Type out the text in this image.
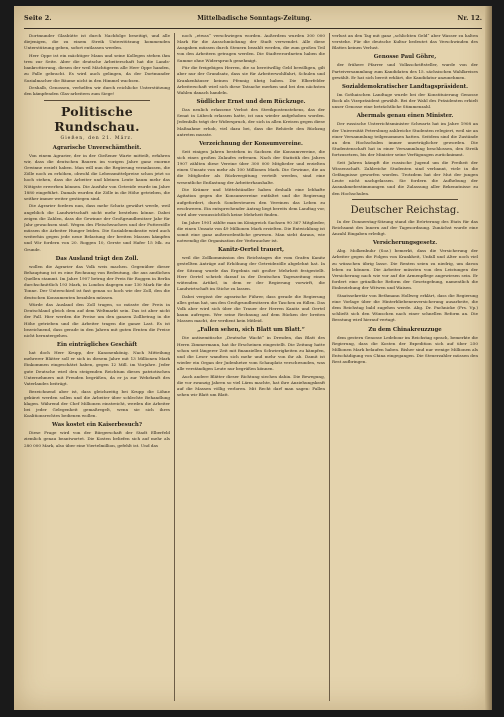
Seite 2.	Mittelbadische Sonntags-Zeitung.	Nr. 12.

Dortmunder Glashütte ist durch Nachfolge beseitigt, und alle diejenigen, die zu einem Streik Unterstützung kommenden Unterstützung geben, sofort entlassen werden.

Herr Oppe ist ein mächtiger Mann und seine Kollegen stehen ihm treu zur Seite. Aber die deutsche Arbeiterschaft hat die Lands-bankrottierung, diesen der weil Mächtigeren alle Herr Oppe handen, zu Falle gebracht. Es wird auch gelingen, da der Dortmunder Sozialmacher die Bäume nicht in den Himmel wachsen.

Deshalb, Genossen, verhelfen wir durch reichliche Unterstützung den kämpfenden Glas-arbeitern zum Siege!

Politische Rundschau.
Gießen, den 21. März.
Agrarische Unverschämtheit.

Von einem Agrarier, der in der Gießener Warte mitteilt, erfahren wir, dass die deutschen Bauern im vorigen Jahre ganz enorme Gewinne erzielt haben. Man will nun die Regierung veranlassen, die Zölle noch zu erhöhen, obwohl die Lebensmittelpreise schon jetzt so hoch stehen, dass die Arbeiter und kleinen Leute kaum mehr das Nötigste erwerben können. Die Ausfuhr von Getreide wurde im Jahre 1880 eingeführt. Damals wurden die Zölle in die Höhe getrieben, die seither immer weiter gestiegen sind.

Die Agrarier fordern nun, dass mehr Schutz gewährt werde, weil angeblich die Landwirtschaft nicht mehr bestehen könne. Dabei zeigen die Zahlen, dass die Gewinne der Großgrundbesitzer Jahr für Jahr gewachsen sind. Wegen des Fleischwuchers und der Futterzölle müssen die Arbeiter Hunger leiden. Die Sozialdemokratie wird auch weiterhin gegen jede neue Belastung der breiten Massen kämpfen und Wir fordern von 20. Roggen 10, Gerste und Hafer 15 Mk. zu Grunde.

Das Ausland trägt den Zoll.

wollen die Agrarier das Volk weis machen. Gegenüber dieser Behauptung ist es eine Rechnung von Bedeutung, die aus amtlichen Quellen stammt. Im Jahre 1907 betrug der Preis für Roggen in Berlin durchschnittlich 193 Mark, in London dagegen nur 130 Mark für die Tonne. Der Unterschied ist fast genau so hoch wie der Zoll, den die deutschen Konsumenten bezahlen müssen.

Würde das Ausland den Zoll tragen, so müsste der Preis in Deutschland gleich dem auf dem Weltmarkt sein. Das ist aber nicht der Fall. Hier werden die Preise um den ganzen Zollbetrag in die Höhe getrieben und die Arbeiter tragen die ganze Last. Es ist bezeichnend, dass gerade in den Jahren mit guten Ernten die Preise nicht heruntergehen.

Ein einträgliches Geschäft

hat doch Herr Krupp, der Kanonenkönig. Nach Mitteilung mehrerer Blätter soll er sich in diesem Jahre mit 13 Millionen Mark Einkommen eingeschätzt haben, gegen 12 Mill. im Vorjahre. Jeder gute Deutsche wird den steigenden Reichtum dieses patriotischen Unternehmers mit Freuden begrüßen, da er ja zur Wehrkraft des Vaterlandes beiträgt.

Bezeichnend aber ist, dass gleichzeitig bei Krupp die Löhne gekürzt werden sollen und die Arbeiter über schlechte Behandlung klagen. Während der Chef Millionen einstreicht, werden die Arbeiter bei jeder Gelegenheit gemaßregelt, wenn sie sich ihres Koalitionsrechtes bedienen wollen.

Was kostet ein Kaiserbesuch?

Diese Frage wird von der Bürgerschaft der Stadt Elberfeld ziemlich genau beantwortet. Die Kosten beliefen sich auf mehr als 280 000 Mark, also über eine Viertelmillion, gefehlt ist. Und das

noch „etwas“ verschwiegen worden. Außerdem wurden 300 000 Mark für die Ausschmückung der Stadt verwendet. Alle diese Ausgaben müssen durch Steuern bezahlt werden, die zum großen Teil von den Arbeitern getragen werden. Die Stadtverordneten haben die Summe ohne Widerspruch genehmigt.

Für die freigebigen Herren, die so bereitwillig Geld bewilligen, gilt aber nur der Grundsatz, dass sie für Arbeiterwohlfahrt, Schulen und Krankenhäuser keinen Pfennig übrig haben. Die Elberfelder Arbeiterschaft wird sich diese Tatsache merken und bei den nächsten Wahlen danach handeln.

Südlicher Ernst und dem Rückzuge.

Das neulich erlassene Verbot des Streikpostenstehens, das der Senat in Lübeck erlassen hatte, ist nun wieder aufgehoben worden. Jedenfalls trägt der Widerspruch, der sich in allen Kreisen gegen diese Maßnahme erhob, viel dazu bei, dass die Behörde den Rückzug antreten musste.

Verzeichnung der Konsumvereine.

Seit einigen Jahren bestehen in Sachsen die Konsumvereine, die sich eines großen Zulaufes erfreuen. Nach der Statistik des Jahres 1907 zählten diese Vereine über 300 000 Mitglieder und erzielten einen Umsatz von mehr als 100 Millionen Mark. Die Gewinne, die an die Mitglieder als Rückvergütung verteilt werden, sind eine wesentliche Entlastung der Arbeiterhaushalte.

Die Krämer und Mittelständler haben deshalb eine lebhafte Agitation gegen die Konsumvereine entfaltet und die Regierung aufgefordert, durch Sondersteuern den Vereinen das Leben zu erschweren. Ein entsprechender Antrag liegt bereits dem Landtag vor, wird aber voraussichtlich keine Mehrheit finden.

Im Jahre 1901 zählte man im Königreich Sachsen 90 367 Mitglieder, die einen Umsatz von 49 Millionen Mark erzielten. Die Entwicklung ist somit eine ganz außerordentliche gewesen. Man sieht daraus, wie notwendig die Organisation der Verbraucher ist.

Kanitz-Oertel trauert,

weil die Zollkommission des Reichstages die vom Grafen Kanitz gestellten Anträge auf Erhöhung der Getreidezölle abgelehnt hat. In der Sitzung wurde das Ergebnis mit großer Mehrheit festgestellt. Herr Oertel schrieb darauf in der Deutschen Tageszeitung einen wütenden Artikel, in dem er der Regierung vorwirft, die Landwirtschaft im Stiche zu lassen.

Dabei vergisst der agrarische Führer, dass gerade die Regierung alles getan hat, um den Großgrundbesitzern die Taschen zu füllen. Das Volk aber wird sich über die Trauer der Herren Kanitz und Oertel kaum aufregen. Wer seine Rechnung auf dem Rücken der breiten Massen macht, der verdient kein Mitleid.

„Fallen sehen, sich Blatt um Blatt.“

Die antisemitische „Deutsche Wacht“ in Dresden, das Blatt des Herrn Zimmermann, hat ihr Erscheinen eingestellt. Die Zeitung hatte schon seit längerer Zeit mit finanziellen Schwierigkeiten zu kämpfen, und die Leser wandten sich mehr und mehr von ihr ab. Damit ist wieder ein Organ der Judenhetze vom Schauplatz verschwunden, was alle verständigen Leute nur begrüßen können.

Auch andere Blätter dieser Richtung siechen dahin. Die Bewegung, die vor zwanzig Jahren so viel Lärm machte, hat ihre Anziehungskraft auf die Massen völlig verloren. Mit Recht darf man sagen: Fallen sehen wir Blatt um Blatt.

verlust an den Tag mit ganz „schlichten Geld“ aber Wasser zu halten verstehe. Für die deutsche Kultur bedeutet das Verschwinden des Blattes keinen Verlust.

Genosse Paul Göhre,

der frühere Pfarrer und Volksschriftsteller, wurde von der Parteiversammlung zum Kandidaten des 15. sächsischen Wahlkreises gewählt. Er hat sich bereit erklärt, die Kandidatur anzunehmen.

Sozialdemokratischer Landtagspräsident.

Im Gothaischen Landtage wurde bei der Konstituierung Genosse Bock als Vizepräsident gewählt. Bei der Wahl des Präsidenten erhielt unser Genosse eine beträchtliche Stimmenzahl.

Abermals genau einen Minister.

Der russische Unterrichtsminister Schwartz hat im Jahre 1908 an der Universität Petersburg zahlreiche Studenten relegiert, weil sie an einer Versammlung teilgenommen hatten. Seitdem sind die Zustände an den Hochschulen immer unerträglicher geworden. Die Studentenschaft hat in einer Versammlung beschlossen, den Streik fortzusetzen, bis der Minister seine Verfügungen zurücknimmt.

Seit Jahren kämpft die russische Jugend um die Freiheit der Wissenschaft. Zahlreiche Studenten sind verbannt, viele in die Gefängnisse geworfen worden. Trotzdem hat der Mut der jungen Leute nicht nachgelassen. Sie fordern die Aufhebung der Ausnahmebestimmungen und die Zulassung aller Bekenntnisse zu den Hochschulen.

Deutscher Reichstag.

In der Donnerstag-Sitzung stand die Erörterung des Etats für das Reichsamt des Innern auf der Tagesordnung. Zunächst wurde eine Anzahl Eingaben erledigt.

Versicherungsgesetz.

Abg. Molkenbuhr (Soz.) bemerkt, dass die Versicherung der Arbeiter gegen die Folgen von Krankheit, Unfall und Alter noch viel zu wünschen übrig lasse. Die Renten seien zu niedrig, um davon leben zu können. Die Arbeiter müssten von den Leistungen der Versicherung nach wie vor auf die Armenpflege angewiesen sein. Er fordert eine gründliche Reform der Gesetzgebung, namentlich die Einbeziehung der Witwen und Waisen.

Staatssekretär von Bethmann Hollweg erklärt, dass die Regierung eine Vorlage über die Hinterbliebenenversicherung ausarbeite, die dem Reichstag bald zugehen werde. Abg. Dr. Pachnicke (Frs. Vp.) schließt sich den Wünschen nach einer schnellen Reform an. Die Beratung wird hierauf vertagt.

Zu dem Chinakreuzzuge

dem gestern Genosse Ledebour im Reichstag sprach, bemerkte die Regierung, dass die Kosten der Expedition sich auf über 250 Millionen Mark belaufen haben. Bisher sind nur wenige Millionen als Entschädigung von China eingegangen. Die Steuerzahler müssen den Rest aufbringen.
